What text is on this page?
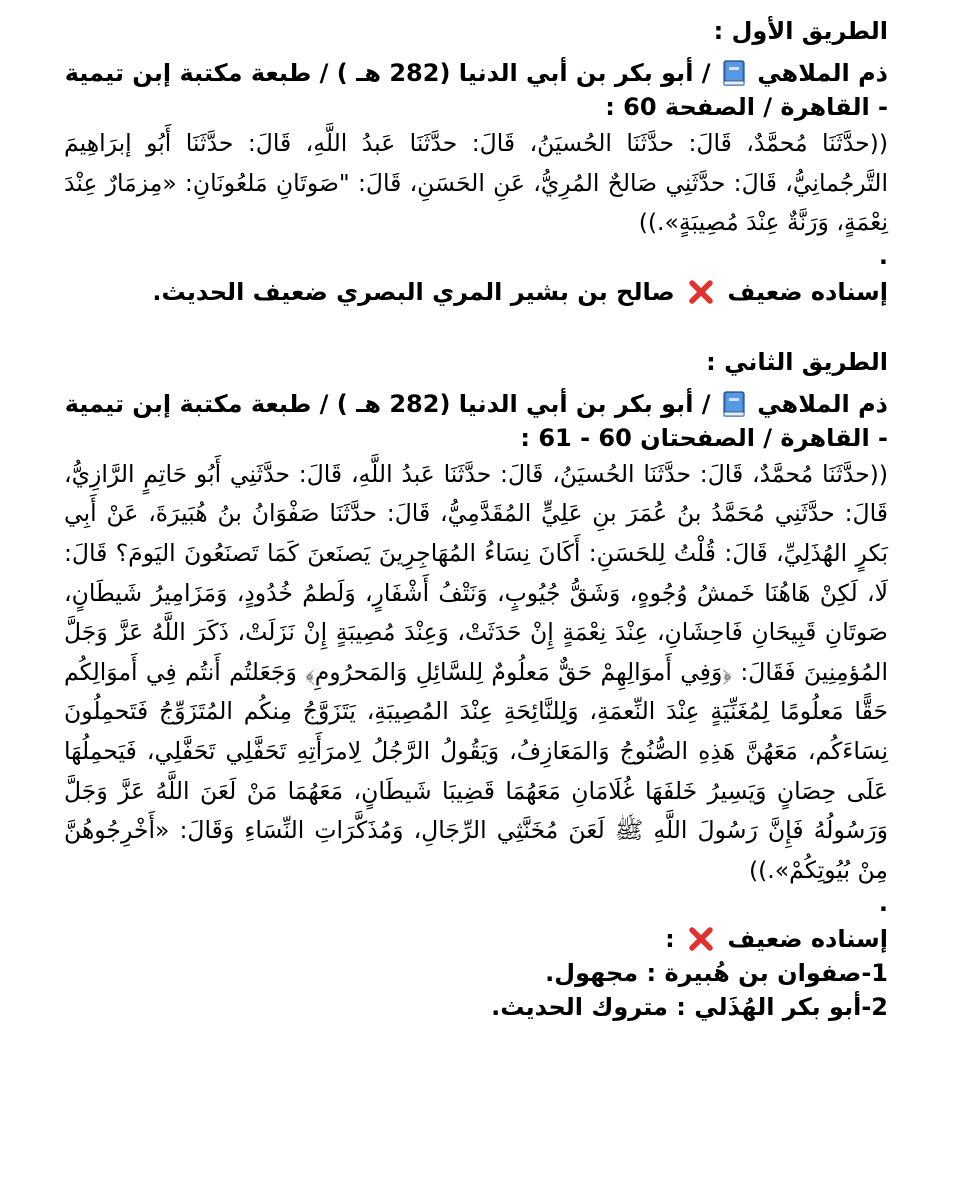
الطريق الأول :

ذم الملاهي  / أبو بكر بن أبي الدنيا (282 هـ ) / طبعة مكتبة إبن تيمية - القاهرة / الصفحة 60 :

((حدَّثَنَا مُحمَّدٌ، قَالَ: حدَّثَنَا الحُسيَنُ، قَالَ: حدَّثَنَا عَبدُ اللَّهِ، قَالَ: حدَّثَنَا أَبُو إبرَاهِيمَ التَّرجُمانِيُّ، قَالَ: حدَّثَنِي صَالحٌ المُرِيُّ، عَنِ الحَسَنِ، قَالَ: "صَوتَانِ مَلعُونَانِ: «مِزمَارٌ عِنْدَ نِعْمَةٍ، وَرَنَّةٌ عِنْدَ مُصِيبَةٍ».))

.

إسناده ضعيف  صالح بن بشير المري البصري ضعيف الحديث.

الطريق الثاني :

ذم الملاهي  / أبو بكر بن أبي الدنيا (282 هـ ) / طبعة مكتبة إبن تيمية - القاهرة / الصفحتان 60 - 61 :

((حدَّثَنَا مُحمَّدٌ، قَالَ: حدَّثَنَا الحُسيَنُ، قَالَ: حدَّثَنَا عَبدُ اللَّهِ، قَالَ: حدَّثَنِي أَبُو حَاتِمٍ الرَّازِيُّ، قَالَ: حدَّثَنِي مُحَمَّدُ بنُ عُمَرَ بنِ عَلِيٍّ المُقَدَّمِيُّ، قَالَ: حدَّثَنَا صَفْوَانُ بنُ هُبَيرَةَ، عَنْ أَبِي بَكرٍ الهُذَلِيِّ، قَالَ: قُلْتُ لِلحَسَنِ: أَكَانَ نِسَاءُ المُهَاجِرِينَ يَصنَعنَ كَمَا تَصنَعُونَ اليَومَ؟ قَالَ: لَا، لَكِنْ هَاهُنَا خَمشُ وُجُوهٍ، وَشَقُّ جُيُوبٍ، وَنَتْفُ أَشْفَارٍ، وَلَطمُ خُدُودٍ، وَمَزَامِيرُ شَيطَانٍ، صَوتَانِ قَبِيحَانِ فَاحِشَانِ، عِنْدَ نِعْمَةٍ إِنْ حَدَثَتْ، وَعِنْدَ مُصِيبَةٍ إِنْ نَزَلَتْ، ذَكَرَ اللَّهُ عَزَّ وَجَلَّ المُؤمِنِينَ فَقَالَ: ﴿وَفِي أَموَالِهِمْ حَقٌّ مَعلُومٌ لِلسَّائِلِ وَالمَحرُومِ﴾ وَجَعَلتُم أَنتُم فِي أَموَالِكُم حَقًّا مَعلُومًا لِمُغَنِّيَةٍ عِنْدَ النِّعمَةِ، وَلِلنَّائِحَةِ عِنْدَ المُصِيبَةِ، يَتَزَوَّجُ مِنكُم المُتَزَوِّجُ فَتَحمِلُونَ نِسَاءَكُم، مَعَهُنَّ هَذِهِ الصُّنُوجُ وَالمَعَازِفُ، وَيَقُولُ الرَّجُلُ لِامرَأَتِهِ تَحَفَّلِي تَحَفَّلِي، فَيَحمِلُهَا عَلَى حِصَانٍ وَيَسِيرُ خَلفَهَا غُلَامَانِ مَعَهُمَا قَضِيبَا شَيطَانٍ، مَعَهُمَا مَنْ لَعَنَ اللَّهُ عَزَّ وَجَلَّ وَرَسُولُهُ فَإِنَّ رَسُولَ اللَّهِ ﷺ لَعَنَ مُخَنَّثِي الرِّجَالِ، وَمُذَكَّرَاتِ النِّسَاءِ وَقَالَ: «أَخْرِجُوهُنَّ مِنْ بُيُوتِكُمْ».))

.

إسناده ضعيف  :

1-صفوان بن هُبيرة : مجهول.

2-أبو بكر الهُذَلي : متروك الحديث.
